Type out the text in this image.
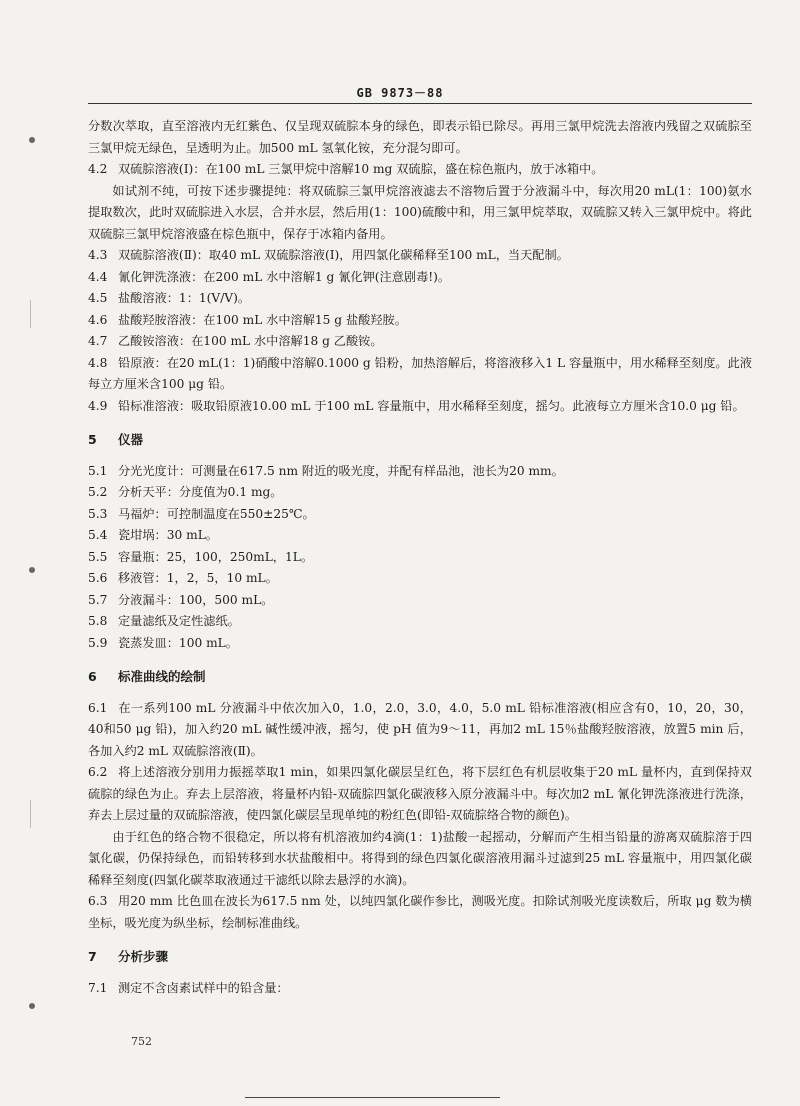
GB 9873－88

分数次萃取，直至溶液内无红紫色、仅呈现双硫腙本身的绿色，即表示铅已除尽。再用三氯甲烷洗去溶液内残留之双硫腙至三氯甲烷无绿色，呈透明为止。加500 mL 氢氧化铵，充分混匀即可。

4.2 双硫腙溶液(Ⅰ)：在100 mL 三氯甲烷中溶解10 mg 双硫腙，盛在棕色瓶内，放于冰箱中。

如试剂不纯，可按下述步骤提纯：将双硫腙三氯甲烷溶液滤去不溶物后置于分液漏斗中，每次用20 mL(1：100)氨水提取数次，此时双硫腙进入水层，合并水层，然后用(1：100)硫酸中和，用三氯甲烷萃取，双硫腙又转入三氯甲烷中。将此双硫腙三氯甲烷溶液盛在棕色瓶中，保存于冰箱内备用。

4.3 双硫腙溶液(Ⅱ)：取40 mL 双硫腙溶液(Ⅰ)，用四氯化碳稀释至100 mL，当天配制。

4.4 氰化钾洗涤液：在200 mL 水中溶解1 g 氰化钾(注意剧毒!)。

4.5 盐酸溶液：1：1(V/V)。

4.6 盐酸羟胺溶液：在100 mL 水中溶解15 g 盐酸羟胺。

4.7 乙酸铵溶液：在100 mL 水中溶解18 g 乙酸铵。

4.8 铅原液：在20 mL(1：1)硝酸中溶解0.1000 g 铅粉，加热溶解后，将溶液移入1 L 容量瓶中，用水稀释至刻度。此液每立方厘米含100 μg 铅。

4.9 铅标准溶液：吸取铅原液10.00 mL 于100 mL 容量瓶中，用水稀释至刻度，摇匀。此液每立方厘米含10.0 μg 铅。

5 仪器

5.1 分光光度计：可测量在617.5 nm 附近的吸光度，并配有样品池，池长为20 mm。

5.2 分析天平：分度值为0.1 mg。

5.3 马福炉：可控制温度在550±25℃。

5.4 瓷坩埚：30 mL。

5.5 容量瓶：25，100，250mL，1L。

5.6 移液管：1，2，5，10 mL。

5.7 分液漏斗：100，500 mL。

5.8 定量滤纸及定性滤纸。

5.9 瓷蒸发皿：100 mL。

6 标准曲线的绘制

6.1 在一系列100 mL 分液漏斗中依次加入0，1.0，2.0，3.0，4.0，5.0 mL 铅标准溶液(相应含有0，10，20，30，40和50 μg 铅)，加入约20 mL 碱性缓冲液，摇匀，使 pH 值为9～11，再加2 mL 15％盐酸羟胺溶液，放置5 min 后，各加入约2 mL 双硫腙溶液(Ⅱ)。

6.2 将上述溶液分别用力振摇萃取1 min，如果四氯化碳层呈红色，将下层红色有机层收集于20 mL 量杯内，直到保持双硫腙的绿色为止。弃去上层溶液，将量杯内铅-双硫腙四氯化碳液移入原分液漏斗中。每次加2 mL 氰化钾洗涤液进行洗涤，弃去上层过量的双硫腙溶液，使四氯化碳层呈现单纯的粉红色(即铅-双硫腙络合物的颜色)。

由于红色的络合物不很稳定，所以将有机溶液加约4滴(1：1)盐酸一起摇动，分解而产生相当铅量的游离双硫腙溶于四氯化碳，仍保持绿色，而铅转移到水状盐酸相中。将得到的绿色四氯化碳溶液用漏斗过滤到25 mL 容量瓶中，用四氯化碳稀释至刻度(四氯化碳萃取液通过干滤纸以除去悬浮的水滴)。

6.3 用20 mm 比色皿在波长为617.5 nm 处，以纯四氯化碳作参比，测吸光度。扣除试剂吸光度读数后，所取 μg 数为横坐标，吸光度为纵坐标，绘制标准曲线。

7 分析步骤

7.1 测定不含卤素试样中的铅含量：

752
